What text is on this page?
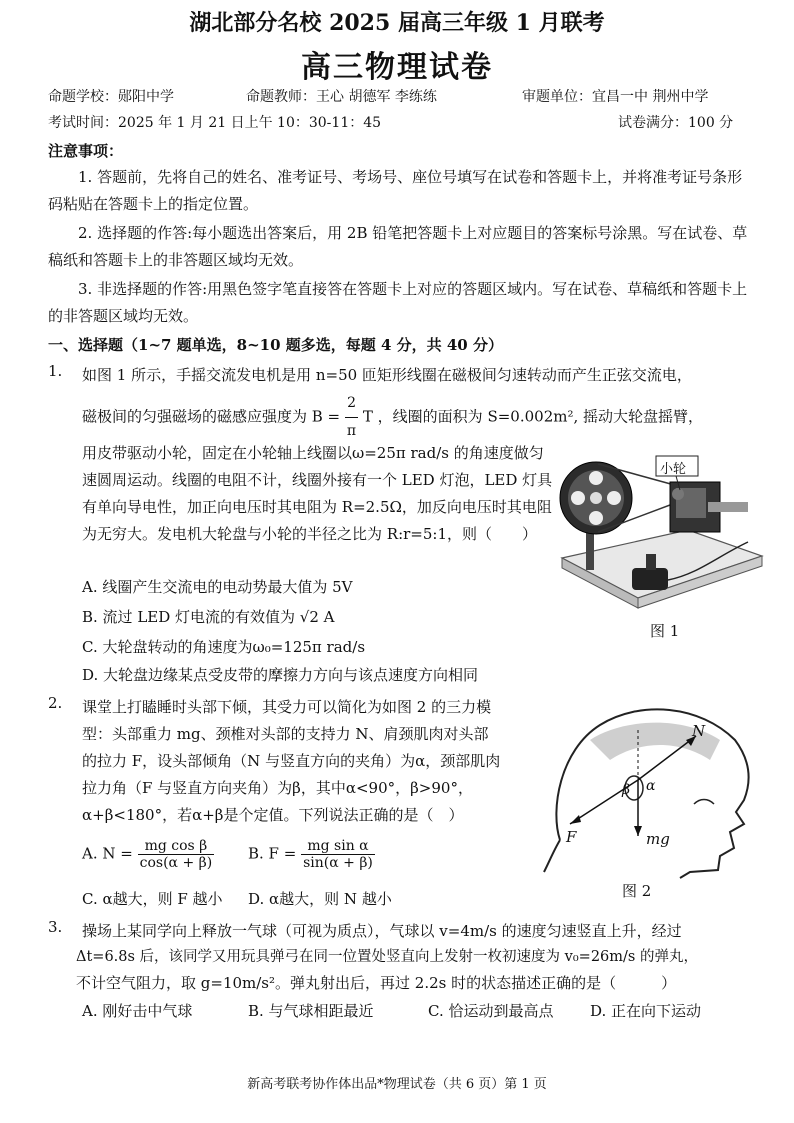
湖北部分名校 2025 届高三年级 1 月联考
高三物理试卷
命题学校：郧阳中学	命题教师：王心 胡德军 李练练	审题单位：宜昌一中 荆州中学
考试时间：2025 年 1 月 21 日上午 10：30-11：45	试卷满分：100 分
注意事项：
1. 答题前，先将自己的姓名、准考证号、考场号、座位号填写在试卷和答题卡上，并将准考证号条形码粘贴在答题卡上的指定位置。
2. 选择题的作答:每小题选出答案后，用 2B 铅笔把答题卡上对应题目的答案标号涂黑。写在试卷、草稿纸和答题卡上的非答题区域均无效。
3. 非选择题的作答:用黑色签字笔直接答在答题卡上对应的答题区域内。写在试卷、草稿纸和答题卡上的非答题区域均无效。
一、选择题（1~7 题单选，8~10 题多选，每题 4 分，共 40 分）
1. 如图 1 所示，手摇交流发电机是用 n=50 匝矩形线圈在磁极间匀速转动而产生正弦交流电，
磁极间的匀强磁场的磁感应强度为 $B = \frac{2}{\pi}$ T ，线圈的面积为 S=0.002m², 摇动大轮盘摇臂，
用皮带驱动小轮，固定在小轮轴上线圈以ω=25π rad/s 的角速度做匀速圆周运动。线圈的电阻不计，线圈外接有一个 LED 灯泡，LED 灯具有单向导电性，加正向电压时其电阻为 R=2.5Ω，加反向电压时其电阻为无穷大。发电机大轮盘与小轮的半径之比为 R:r=5:1，则（　　）
A. 线圈产生交流电的电动势最大值为 5V
B. 流过 LED 灯电流的有效值为 √2 A
C. 大轮盘转动的角速度为ω₀=125π rad/s
D. 大轮盘边缘某点受皮带的摩擦力方向与该点速度方向相同
小轮
图 1
2. 课堂上打瞌睡时头部下倾，其受力可以简化为如图 2 的三力模型：头部重力 mg、颈椎对头部的支持力 N、肩颈肌肉对头部的拉力 F，设头部倾角（N 与竖直方向的夹角）为α，颈部肌肉拉力角（F 与竖直方向夹角）为β，其中α<90°，β>90°，α+β<180°，若α+β是个定值。下列说法正确的是（　）
A. $N = \frac{\text{mg cos β}}{\cos(\alpha + \beta)} B$. $F = \frac{\text{mg sin α}}{\sin(\alpha + \beta)}$
C. α越大，则 F 越小 D. α越大，则 N 越小
N
F	mg
β α
图 2
3. 操场上某同学向上释放一气球（可视为质点），气球以 v=4m/s 的速度匀速竖直上升，经过
Δt=6.8s 后，该同学又用玩具弹弓在同一位置处竖直向上发射一枚初速度为 v₀=26m/s 的弹丸，
不计空气阻力，取 g=10m/s²。弹丸射出后，再过 2.2s 时的状态描述正确的是（　　　）
A. 刚好击中气球	B. 与气球相距最近	C. 恰运动到最高点 D. 正在向下运动
新高考联考协作体出品*物理试卷（共 6 页）第 1 页
